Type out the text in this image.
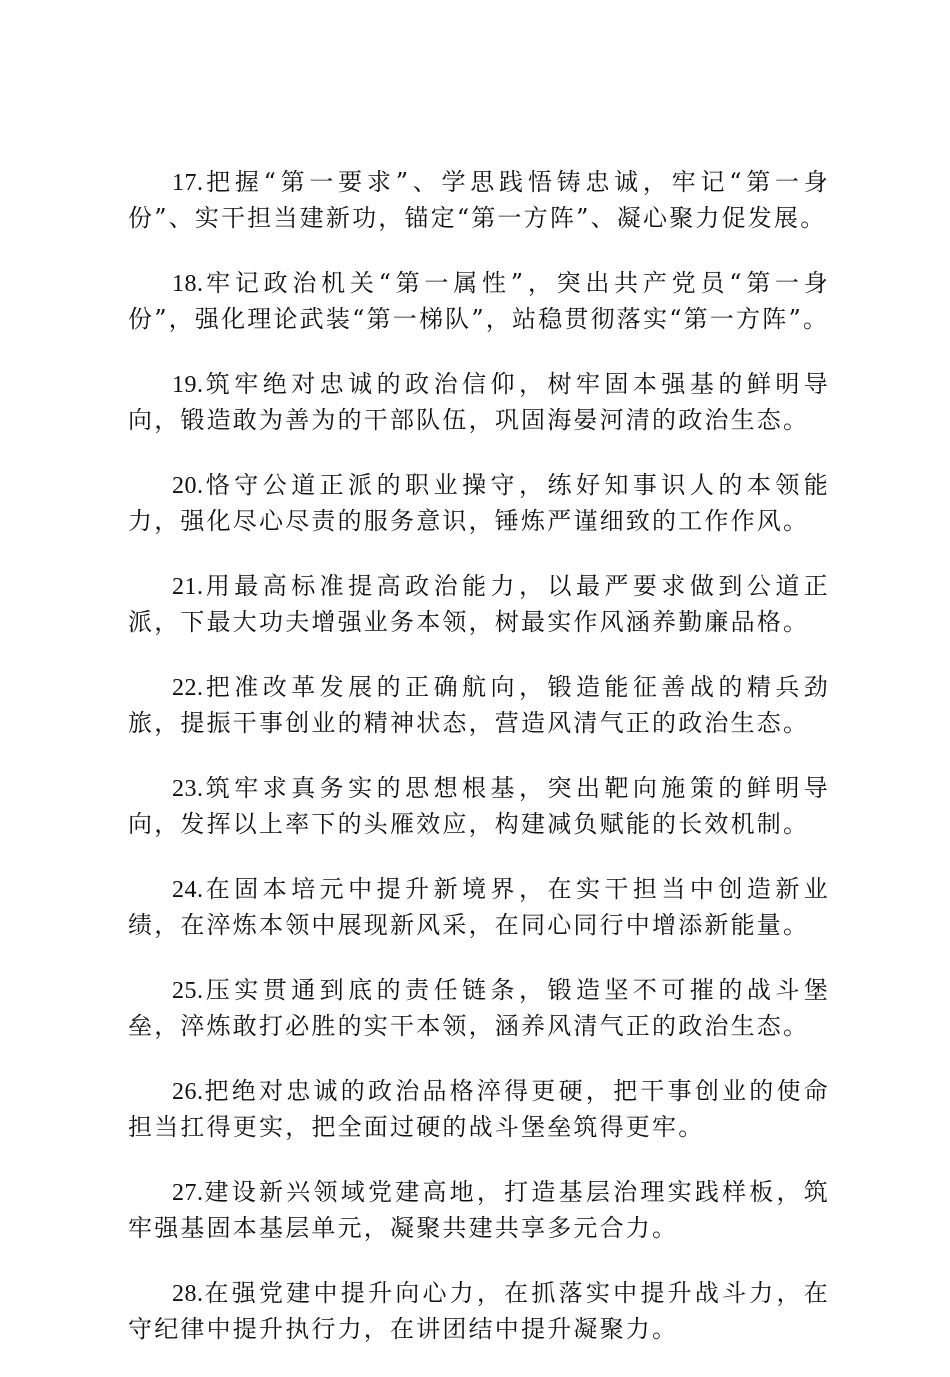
17.把握“第一要求”、学思践悟铸忠诚，牢记“第一身份”、实干担当建新功，锚定“第一方阵”、凝心聚力促发展。

18.牢记政治机关“第一属性”，突出共产党员“第一身份”，强化理论武装“第一梯队”，站稳贯彻落实“第一方阵”。

19.筑牢绝对忠诚的政治信仰，树牢固本强基的鲜明导向，锻造敢为善为的干部队伍，巩固海晏河清的政治生态。

20.恪守公道正派的职业操守，练好知事识人的本领能力，强化尽心尽责的服务意识，锤炼严谨细致的工作作风。

21.用最高标准提高政治能力，以最严要求做到公道正派，下最大功夫增强业务本领，树最实作风涵养勤廉品格。

22.把准改革发展的正确航向，锻造能征善战的精兵劲旅，提振干事创业的精神状态，营造风清气正的政治生态。

23.筑牢求真务实的思想根基，突出靶向施策的鲜明导向，发挥以上率下的头雁效应，构建减负赋能的长效机制。

24.在固本培元中提升新境界，在实干担当中创造新业绩，在淬炼本领中展现新风采，在同心同行中增添新能量。

25.压实贯通到底的责任链条，锻造坚不可摧的战斗堡垒，淬炼敢打必胜的实干本领，涵养风清气正的政治生态。

26.把绝对忠诚的政治品格淬得更硬，把干事创业的使命担当扛得更实，把全面过硬的战斗堡垒筑得更牢。

27.建设新兴领域党建高地，打造基层治理实践样板，筑牢强基固本基层单元，凝聚共建共享多元合力。

28.在强党建中提升向心力，在抓落实中提升战斗力，在守纪律中提升执行力，在讲团结中提升凝聚力。
